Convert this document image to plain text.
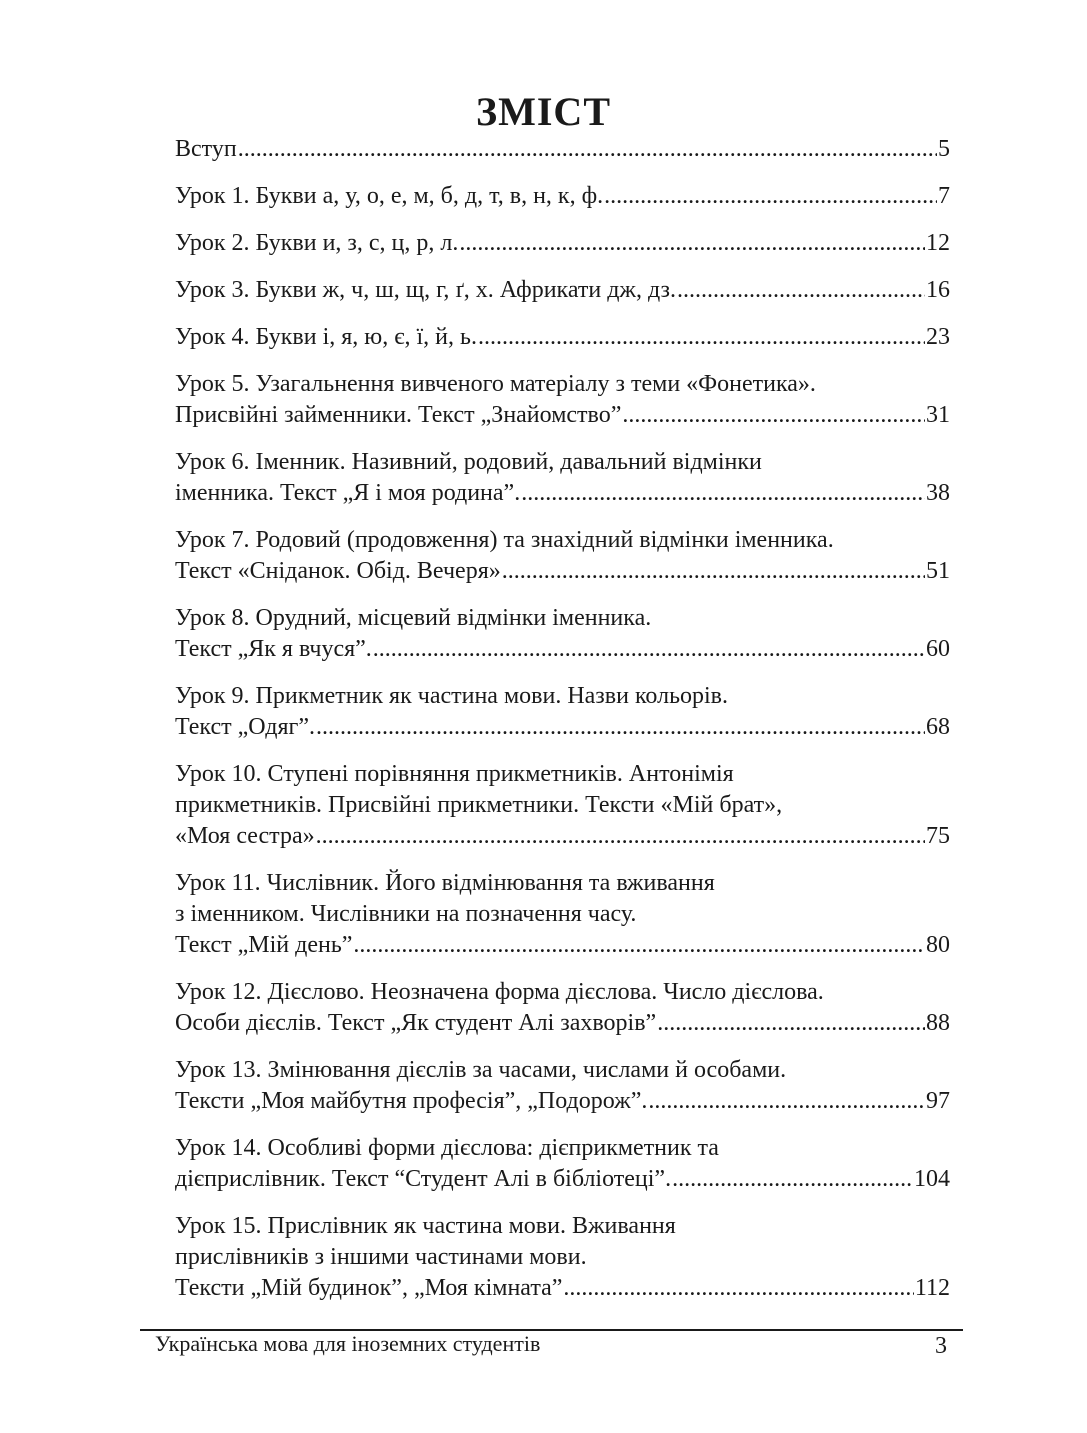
ЗМІСТ
Вступ .....	5
Урок 1. Букви а, у, о, е, м, б, д, т, в, н, к, ф. .....	7
Урок 2. Букви и, з, с, ц, р, л. .....	12
Урок 3. Букви ж, ч, ш, щ, г, ґ, х. Африкати дж, дз. .....	16
Урок 4. Букви і, я, ю, є, ї, й, ь. .....	23
Урок 5. Узагальнення вивченого матеріалу з теми «Фонетика».
Присвійні займенники. Текст „Знайомство” .....	31
Урок 6. Іменник. Називний, родовий, давальний відмінки
іменника. Текст „Я і моя родина”. .....	38
Урок 7. Родовий (продовження) та знахідний відмінки іменника.
Текст «Сніданок. Обід. Вечеря» .....	51
Урок 8. Орудний, місцевий відмінки іменника.
Текст „Як я вчуся”. .....	60
Урок 9. Прикметник як частина мови. Назви кольорів.
Текст „Одяг”. .....	68
Урок 10. Ступені порівняння прикметників. Антонімія
прикметників. Присвійні прикметники. Тексти «Мій брат»,
«Моя сестра» .....	75
Урок 11. Числівник. Його відмінювання та вживання
з іменником. Числівники на позначення часу.
Текст „Мій день” .....	80
Урок 12. Дієслово. Неозначена форма дієслова. Число дієслова.
Особи дієслів. Текст „Як студент Алі захворів” .....	88
Урок 13. Змінювання дієслів за часами, числами й особами.
Тексти „Моя майбутня професія”, „Подорож”. .....	97
Урок 14. Особливі форми дієслова: дієприкметник та
дієприслівник. Текст “Студент Алі в бібліотеці”. .....	104
Урок 15. Прислівник як частина мови. Вживання
прислівників з іншими частинами мови.
Тексти „Мій будинок”, „Моя кімната” .....	112
Українська мова для іноземних студентів	3
